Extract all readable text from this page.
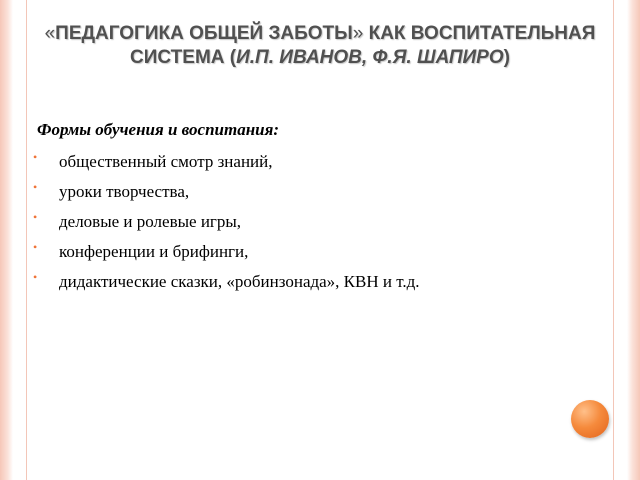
«ПЕДАГОГИКА ОБЩЕЙ ЗАБОТЫ» КАК ВОСПИТАТЕЛЬНАЯ СИСТЕМА (И.П. ИВАНОВ, Ф.Я. ШАПИРО)

Формы обучения и воспитания:

• общественный смотр знаний,
• уроки творчества,
• деловые и ролевые игры,
• конференции и брифинги,
• дидактические сказки, «робинзонада», КВН и т.д.
